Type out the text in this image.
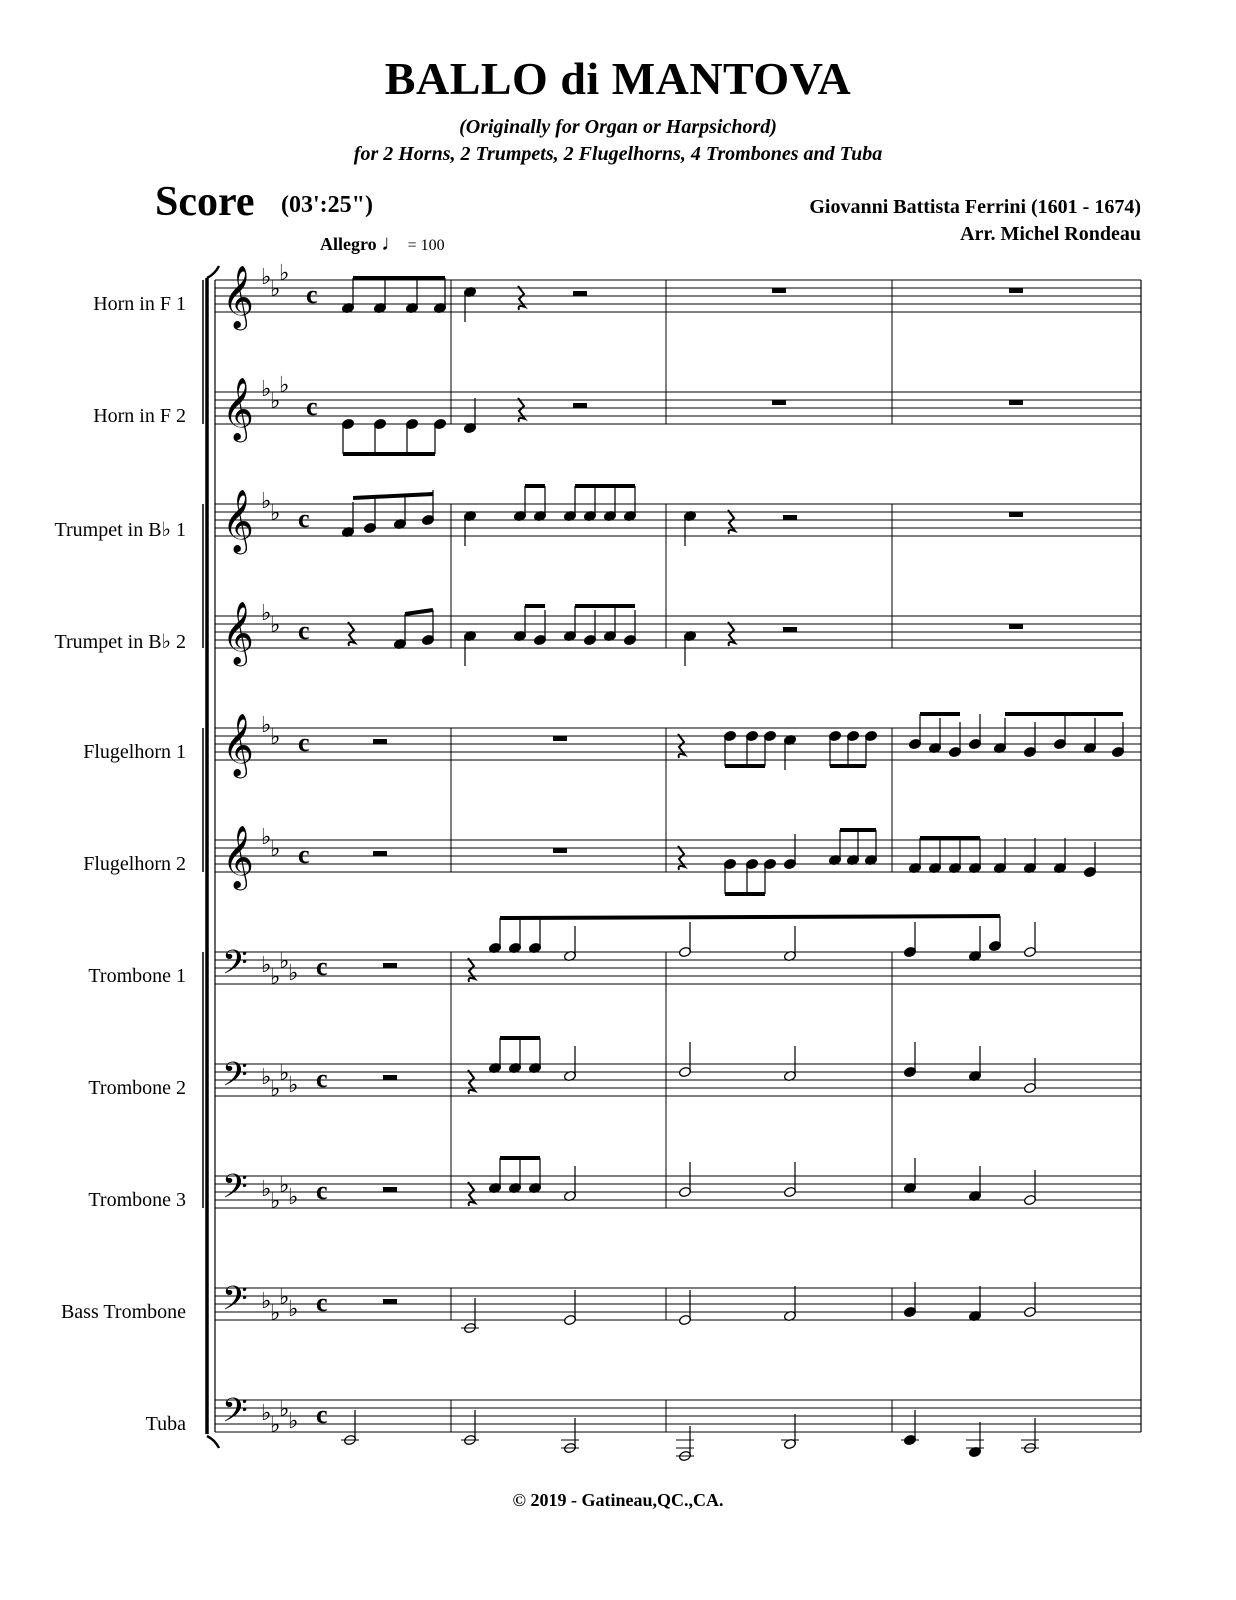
BALLO di MANTOVA
(Originally for Organ or Harpsichord)
for 2 Horns, 2 Trumpets, 2 Flugelhorns, 4 Trombones and Tuba
Score (03':25")	Giovanni Battista Ferrini (1601 - 1674)
Arr. Michel Rondeau
Allegro ♩ = 100
Horn in F 1
Horn in F 2
Trumpet in B♭ 1
Trumpet in B♭ 2
Flugelhorn 1
Flugelhorn 2
Trombone 1
Trombone 2
Trombone 3
Bass Trombone
Tuba
𝄞 ♭
♭
♭
c
𝄞 ♭
♭
♭
c
𝄞 ♭
♭ c
𝄞 ♭
♭ c
𝄞 ♭
♭ c
𝄞 ♭
♭ c
𝄢 ♭
♭
♭
♭ c
𝄢 ♭
♭
♭
♭ c
𝄢 ♭
♭
♭
♭ c
𝄢 ♭
♭
♭
♭ c
𝄢 ♭
♭
♭
♭ c
© 2019 - Gatineau,QC.,CA.
